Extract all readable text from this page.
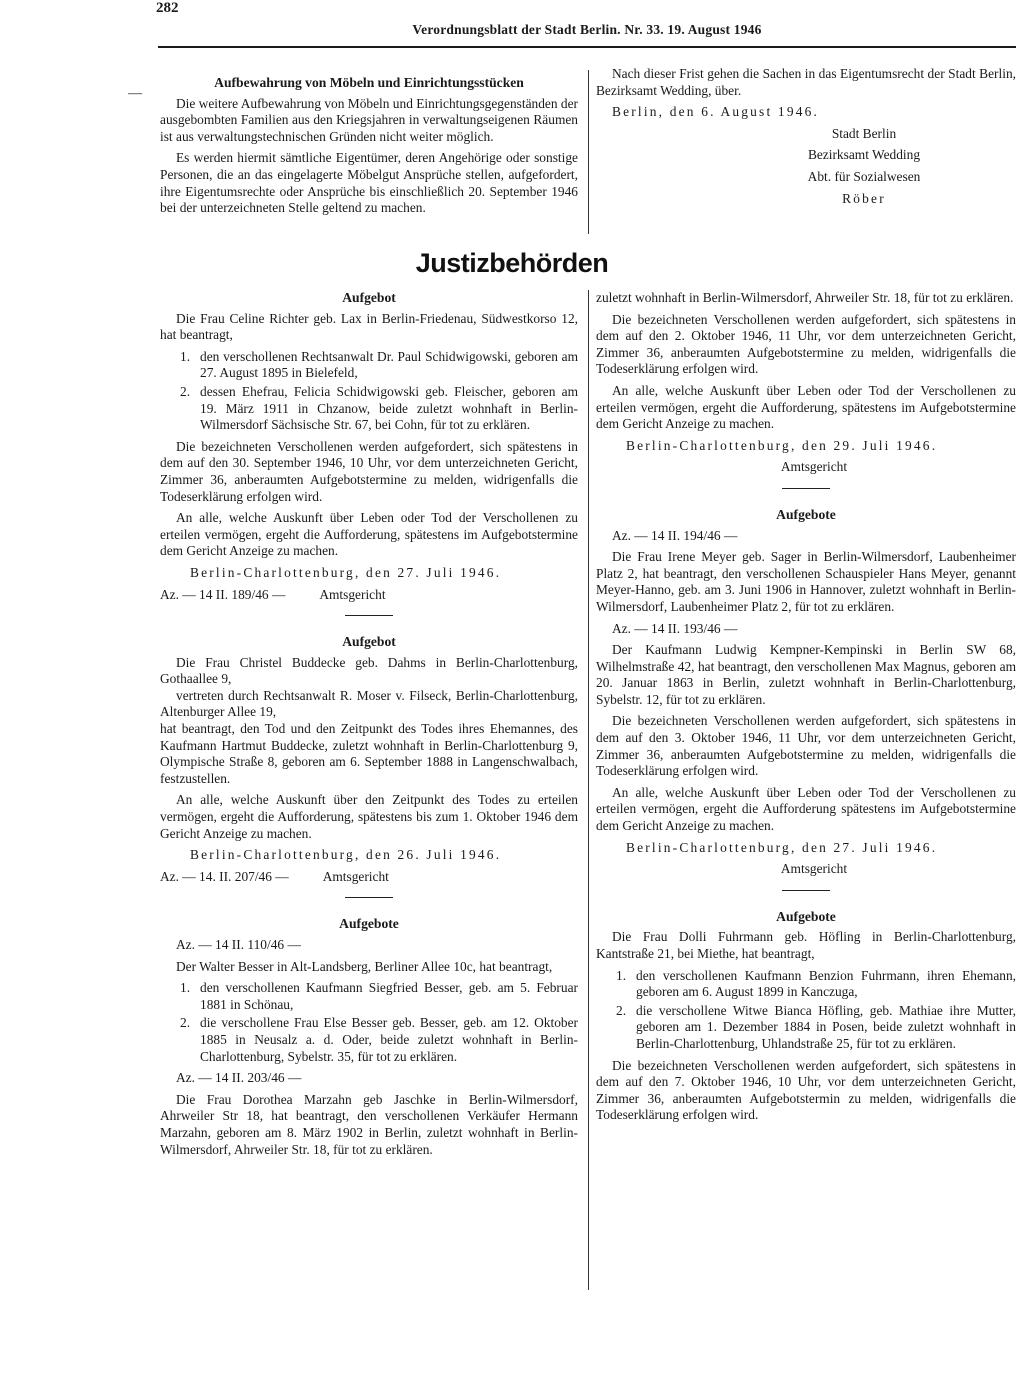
282
Verordnungsblatt der Stadt Berlin. Nr. 33. 19. August 1946
—
Aufbewahrung von Möbeln und Einrichtungsstücken

Die weitere Aufbewahrung von Möbeln und Einrichtungsgegenständen der ausgebombten Familien aus den Kriegsjahren in verwaltungseigenen Räumen ist aus verwaltungstechnischen Gründen nicht weiter möglich.

Es werden hiermit sämtliche Eigentümer, deren Angehörige oder sonstige Personen, die an das eingelagerte Möbelgut Ansprüche stellen, aufgefordert, ihre Eigentumsrechte oder Ansprüche bis einschließlich 20. September 1946 bei der unterzeichneten Stelle geltend zu machen.

Nach dieser Frist gehen die Sachen in das Eigentumsrecht der Stadt Berlin, Bezirksamt Wedding, über.

Berlin, den 6. August 1946.

Stadt Berlin

Bezirksamt Wedding

Abt. für Sozialwesen

Röber

Justizbehörden
Aufgebot

Die Frau Celine Richter geb. Lax in Berlin-Friedenau, Südwestkorso 12, hat beantragt,

1. den verschollenen Rechtsanwalt Dr. Paul Schidwigowski, geboren am 27. August 1895 in Bielefeld,
2. dessen Ehefrau, Felicia Schidwigowski geb. Fleischer, geboren am 19. März 1911 in Chzanow, beide zuletzt wohnhaft in Berlin-Wilmersdorf Sächsische Str. 67, bei Cohn, für tot zu erklären.

Die bezeichneten Verschollenen werden aufgefordert, sich spätestens in dem auf den 30. September 1946, 10 Uhr, vor dem unterzeichneten Gericht, Zimmer 36, anberaumten Aufgebotstermine zu melden, widrigenfalls die Todeserklärung erfolgen wird.

An alle, welche Auskunft über Leben oder Tod der Verschollenen zu erteilen vermögen, ergeht die Aufforderung, spätestens im Aufgebotstermine dem Gericht Anzeige zu machen.

Berlin-Charlottenburg, den 27. Juli 1946.

Az. — 14 II. 189/46 —	Amtsgericht
Aufgebot

Die Frau Christel Buddecke geb. Dahms in Berlin-Charlottenburg, Gothaallee 9,

vertreten durch Rechtsanwalt R. Moser v. Filseck, Berlin-Charlottenburg, Altenburger Allee 19,

hat beantragt, den Tod und den Zeitpunkt des Todes ihres Ehemannes, des Kaufmann Hartmut Buddecke, zuletzt wohnhaft in Berlin-Charlottenburg 9, Olympische Straße 8, geboren am 6. September 1888 in Langenschwalbach, festzustellen.

An alle, welche Auskunft über den Zeitpunkt des Todes zu erteilen vermögen, ergeht die Aufforderung, spätestens bis zum 1. Oktober 1946 dem Gericht Anzeige zu machen.

Berlin-Charlottenburg, den 26. Juli 1946.

Az. — 14. II. 207/46 —	Amtsgericht
Aufgebote

Az. — 14 II. 110/46 —

Der Walter Besser in Alt-Landsberg, Berliner Allee 10c, hat beantragt,

1. den verschollenen Kaufmann Siegfried Besser, geb. am 5. Februar 1881 in Schönau,
2. die verschollene Frau Else Besser geb. Besser, geb. am 12. Oktober 1885 in Neusalz a. d. Oder, beide zuletzt wohnhaft in Berlin-Charlottenburg, Sybelstr. 35, für tot zu erklären.

Az. — 14 II. 203/46 —

Die Frau Dorothea Marzahn geb Jaschke in Berlin-Wilmersdorf, Ahrweiler Str 18, hat beantragt, den verschollenen Verkäufer Hermann Marzahn, geboren am 8. März 1902 in Berlin, zuletzt wohnhaft in Berlin-Wilmersdorf, Ahrweiler Str. 18, für tot zu erklären.

zuletzt wohnhaft in Berlin-Wilmersdorf, Ahrweiler Str. 18, für tot zu erklären.

Die bezeichneten Verschollenen werden aufgefordert, sich spätestens in dem auf den 2. Oktober 1946, 11 Uhr, vor dem unterzeichneten Gericht, Zimmer 36, anberaumten Aufgebotstermine zu melden, widrigenfalls die Todeserklärung erfolgen wird.

An alle, welche Auskunft über Leben oder Tod der Verschollenen zu erteilen vermögen, ergeht die Aufforderung, spätestens im Aufgebotstermine dem Gericht Anzeige zu machen.

Berlin-Charlottenburg, den 29. Juli 1946.

Amtsgericht

Aufgebote

Az. — 14 II. 194/46 —

Die Frau Irene Meyer geb. Sager in Berlin-Wilmersdorf, Laubenheimer Platz 2, hat beantragt, den verschollenen Schauspieler Hans Meyer, genannt Meyer-Hanno, geb. am 3. Juni 1906 in Hannover, zuletzt wohnhaft in Berlin-Wilmersdorf, Laubenheimer Platz 2, für tot zu erklären.

Az. — 14 II. 193/46 —

Der Kaufmann Ludwig Kempner-Kempinski in Berlin SW 68, Wilhelmstraße 42, hat beantragt, den verschollenen Max Magnus, geboren am 20. Januar 1863 in Berlin, zuletzt wohnhaft in Berlin-Charlottenburg, Sybelstr. 12, für tot zu erklären.

Die bezeichneten Verschollenen werden aufgefordert, sich spätestens in dem auf den 3. Oktober 1946, 11 Uhr, vor dem unterzeichneten Gericht, Zimmer 36, anberaumten Aufgebotstermine zu melden, widrigenfalls die Todeserklärung erfolgen wird.

An alle, welche Auskunft über Leben oder Tod der Verschollenen zu erteilen vermögen, ergeht die Aufforderung spätestens im Aufgebotstermine dem Gericht Anzeige zu machen.

Berlin-Charlottenburg, den 27. Juli 1946.

Amtsgericht

Aufgebote

Die Frau Dolli Fuhrmann geb. Höfling in Berlin-Charlottenburg, Kantstraße 21, bei Miethe, hat beantragt,

1. den verschollenen Kaufmann Benzion Fuhrmann, ihren Ehemann, geboren am 6. August 1899 in Kanczuga,
2. die verschollene Witwe Bianca Höfling, geb. Mathiae ihre Mutter, geboren am 1. Dezember 1884 in Posen, beide zuletzt wohnhaft in Berlin-Charlottenburg, Uhlandstraße 25, für tot zu erklären.

Die bezeichneten Verschollenen werden aufgefordert, sich spätestens in dem auf den 7. Oktober 1946, 10 Uhr, vor dem unterzeichneten Gericht, Zimmer 36, anberaumten Aufgebotstermin zu melden, widrigenfalls die Todeserklärung erfolgen wird.
